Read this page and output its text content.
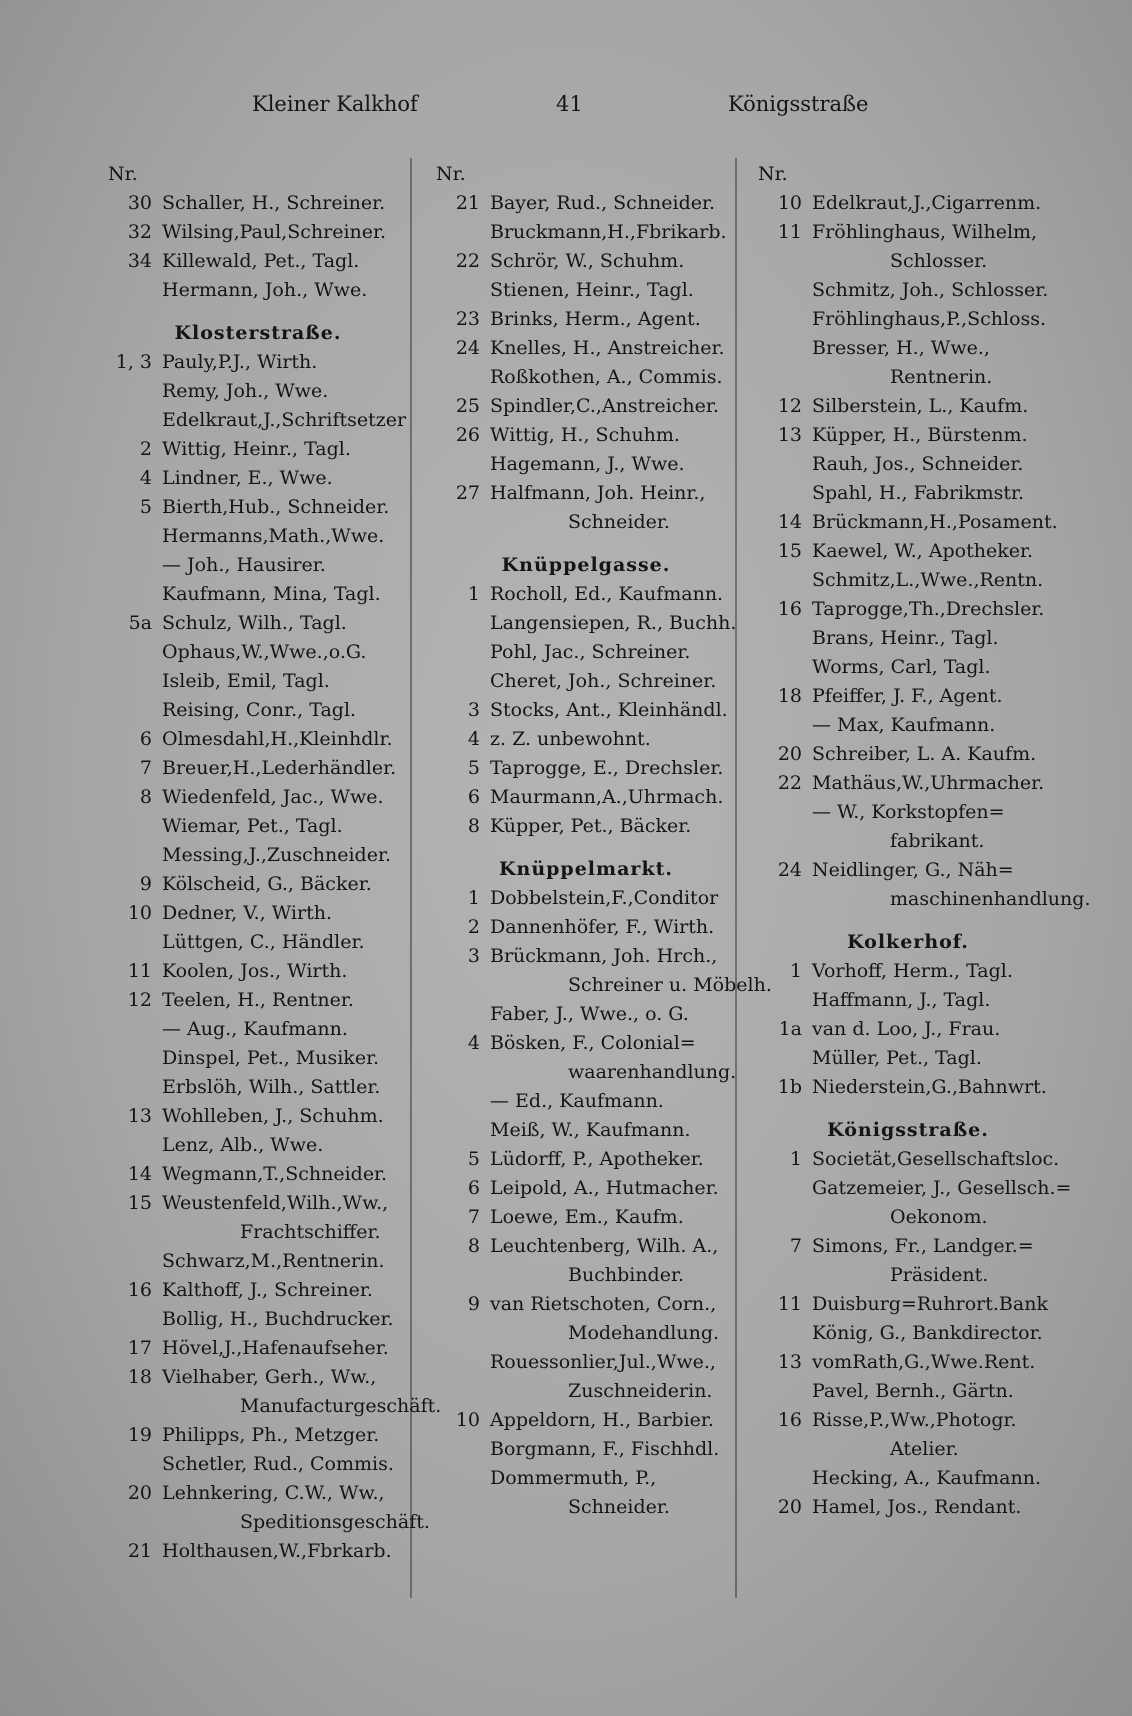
Kleiner Kalkhof	41	Königsstraße
Nr.
30 Schaller, H., Schreiner.
32 Wilsing,Paul,Schreiner.
34 Killewald, Pet., Tagl.
Hermann, Joh., Wwe.
Klosterstraße.
1, 3 Pauly,P.J., Wirth.
Remy, Joh., Wwe.
Edelkraut,J.,Schriftsetzer
2 Wittig, Heinr., Tagl.
4 Lindner, E., Wwe.
5 Bierth,Hub., Schneider.
Hermanns,Math.,Wwe.
— Joh., Hausirer.
Kaufmann, Mina, Tagl.
5a Schulz, Wilh., Tagl.
Ophaus,W.,Wwe.,o.G.
Isleib, Emil, Tagl.
Reising, Conr., Tagl.
6 Olmesdahl,H.,Kleinhdlr.
7 Breuer,H.,Lederhändler.
8 Wiedenfeld, Jac., Wwe.
Wiemar, Pet., Tagl.
Messing,J.,Zuschneider.
9 Kölscheid, G., Bäcker.
10 Dedner, V., Wirth.
Lüttgen, C., Händler.
11 Koolen, Jos., Wirth.
12 Teelen, H., Rentner.
— Aug., Kaufmann.
Dinspel, Pet., Musiker.
Erbslöh, Wilh., Sattler.
13 Wohlleben, J., Schuhm.
Lenz, Alb., Wwe.
14 Wegmann,T.,Schneider.
15 Weustenfeld,Wilh.,Ww.,
Frachtschiffer.
Schwarz,M.,Rentnerin.
16 Kalthoff, J., Schreiner.
Bollig, H., Buchdrucker.
17 Hövel,J.,Hafenaufseher.
18 Vielhaber, Gerh., Ww.,
Manufacturgeschäft.
19 Philipps, Ph., Metzger.
Schetler, Rud., Commis.
20 Lehnkering, C.W., Ww.,
Speditionsgeschäft.
21 Holthausen,W.,Fbrkarb.
Nr.
21 Bayer, Rud., Schneider.
Bruckmann,H.,Fbrikarb.
22 Schrör, W., Schuhm.
Stienen, Heinr., Tagl.
23 Brinks, Herm., Agent.
24 Knelles, H., Anstreicher.
Roßkothen, A., Commis.
25 Spindler,C.,Anstreicher.
26 Wittig, H., Schuhm.
Hagemann, J., Wwe.
27 Halfmann, Joh. Heinr.,
Schneider.
Knüppelgasse.
1 Rocholl, Ed., Kaufmann.
Langensiepen, R., Buchh.
Pohl, Jac., Schreiner.
Cheret, Joh., Schreiner.
3 Stocks, Ant., Kleinhändl.
4 z. Z. unbewohnt.
5 Taprogge, E., Drechsler.
6 Maurmann,A.,Uhrmach.
8 Küpper, Pet., Bäcker.
Knüppelmarkt.
1 Dobbelstein,F.,Conditor
2 Dannenhöfer, F., Wirth.
3 Brückmann, Joh. Hrch.,
Schreiner u. Möbelh.
Faber, J., Wwe., o. G.
4 Bösken, F., Colonial=
waarenhandlung.
— Ed., Kaufmann.
Meiß, W., Kaufmann.
5 Lüdorff, P., Apotheker.
6 Leipold, A., Hutmacher.
7 Loewe, Em., Kaufm.
8 Leuchtenberg, Wilh. A.,
Buchbinder.
9 van Rietschoten, Corn.,
Modehandlung.
Rouessonlier,Jul.,Wwe.,
Zuschneiderin.
10 Appeldorn, H., Barbier.
Borgmann, F., Fischhdl.
Dommermuth, P.,
Schneider.
Nr.
10 Edelkraut,J.,Cigarrenm.
11 Fröhlinghaus, Wilhelm,
Schlosser.
Schmitz, Joh., Schlosser.
Fröhlinghaus,P.,Schloss.
Bresser, H., Wwe.,
Rentnerin.
12 Silberstein, L., Kaufm.
13 Küpper, H., Bürstenm.
Rauh, Jos., Schneider.
Spahl, H., Fabrikmstr.
14 Brückmann,H.,Posament.
15 Kaewel, W., Apotheker.
Schmitz,L.,Wwe.,Rentn.
16 Taprogge,Th.,Drechsler.
Brans, Heinr., Tagl.
Worms, Carl, Tagl.
18 Pfeiffer, J. F., Agent.
— Max, Kaufmann.
20 Schreiber, L. A. Kaufm.
22 Mathäus,W.,Uhrmacher.
— W., Korkstopfen=
fabrikant.
24 Neidlinger, G., Näh=
maschinenhandlung.
Kolkerhof.
1 Vorhoff, Herm., Tagl.
Haffmann, J., Tagl.
1a van d. Loo, J., Frau.
Müller, Pet., Tagl.
1b Niederstein,G.,Bahnwrt.
Königsstraße.
1 Societät,Gesellschaftsloc.
Gatzemeier, J., Gesellsch.=
Oekonom.
7 Simons, Fr., Landger.=
Präsident.
11 Duisburg=Ruhrort.Bank
König, G., Bankdirector.
13 vomRath,G.,Wwe.Rent.
Pavel, Bernh., Gärtn.
16 Risse,P.,Ww.,Photogr.
Atelier.
Hecking, A., Kaufmann.
20 Hamel, Jos., Rendant.
